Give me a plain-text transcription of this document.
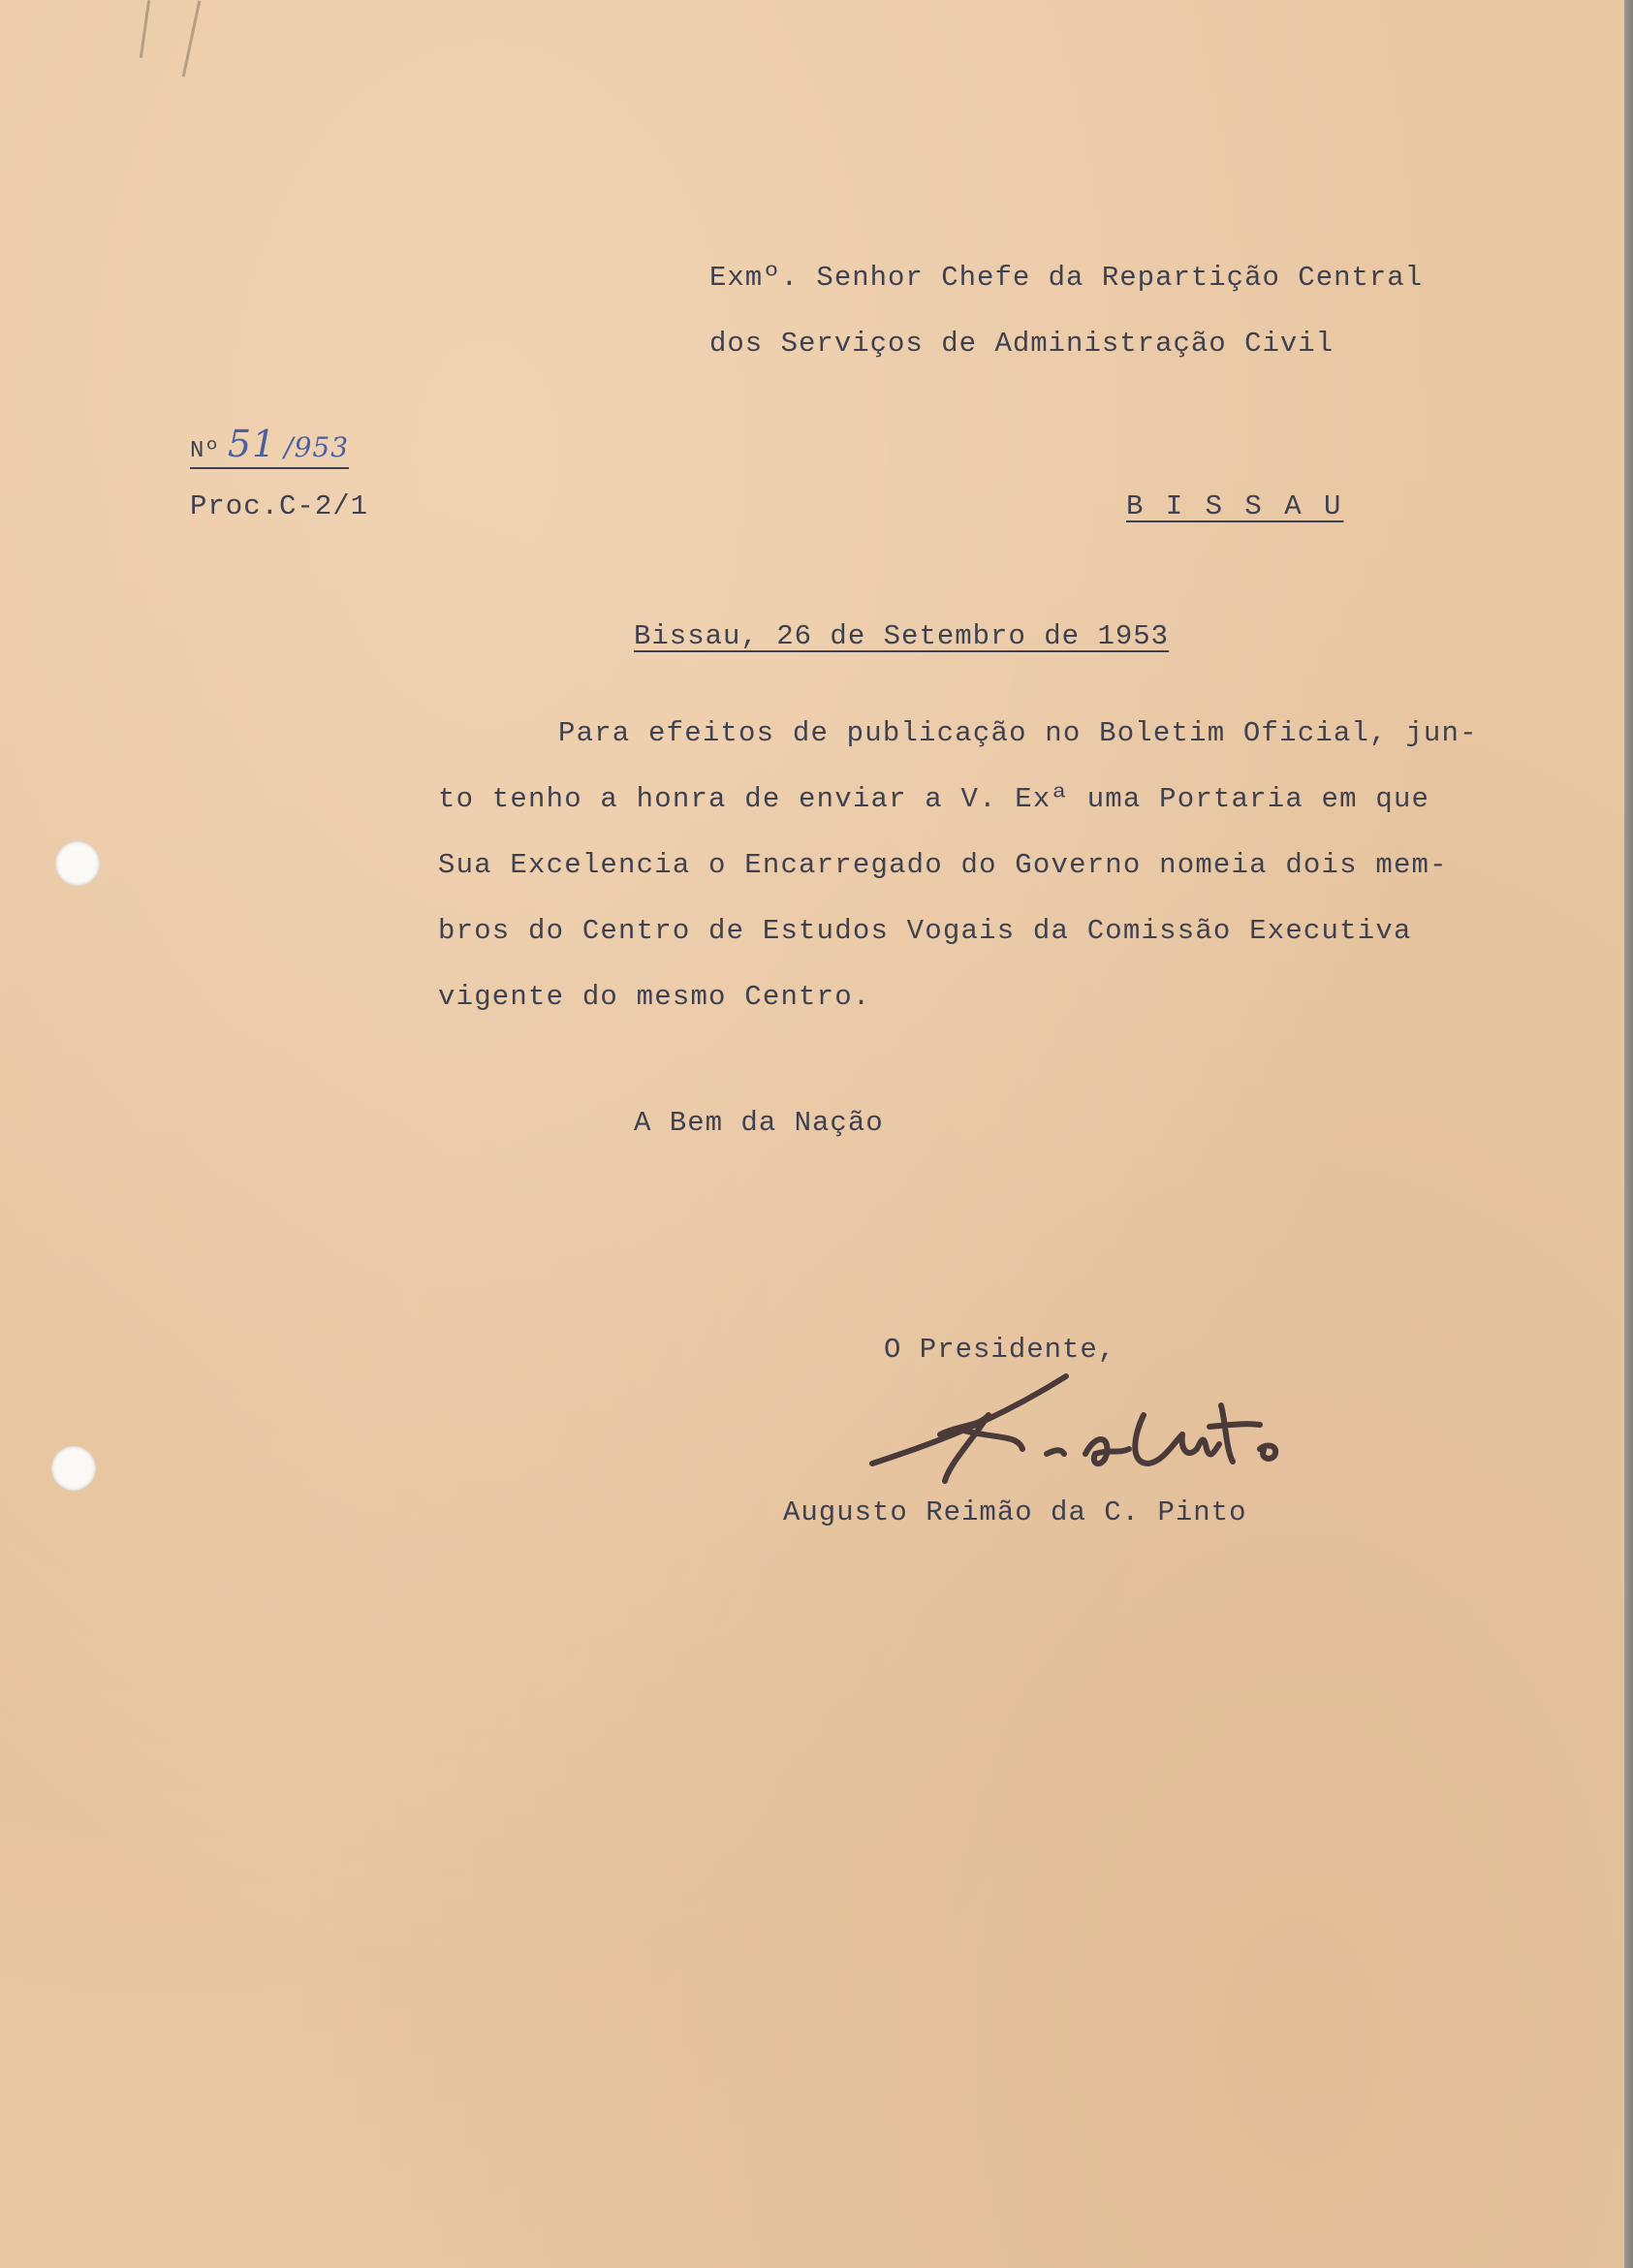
Exmº. Senhor Chefe da Repartição Central
dos Serviços de Administração Civil
Nº 51 /953
Proc.C-2/1	B I S S A U
Bissau, 26 de Setembro de 1953
Para efeitos de publicação no Boletim Oficial, jun-
to tenho a honra de enviar a V. Exª uma Portaria em que
Sua Excelencia o Encarregado do Governo nomeia dois mem-
bros do Centro de Estudos Vogais da Comissão Executiva
vigente do mesmo Centro.
A Bem da Nação
O Presidente,
Augusto Reimão da C. Pinto
